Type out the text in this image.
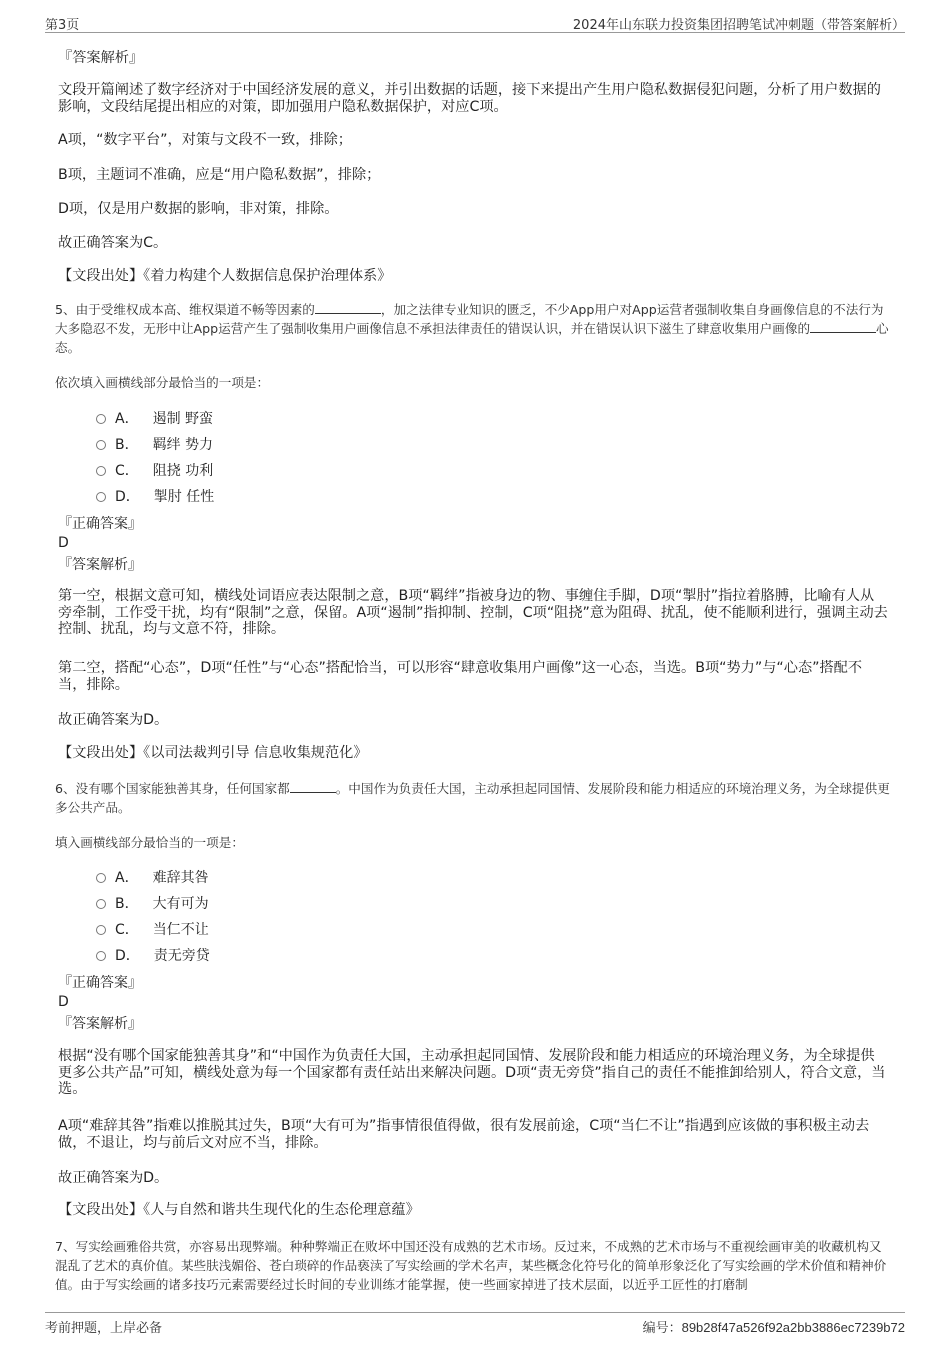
第3页	2024年山东联力投资集团招聘笔试冲刺题（带答案解析）
『答案解析』
文段开篇阐述了数字经济对于中国经济发展的意义，并引出数据的话题，接下来提出产生用户隐私数据侵犯问题，分析了用户数据的影响，文段结尾提出相应的对策，即加强用户隐私数据保护，对应C项。
A项，“数字平台”，对策与文段不一致，排除；
B项，主题词不准确，应是“用户隐私数据”，排除；
D项，仅是用户数据的影响，非对策，排除。
故正确答案为C。
【文段出处】《着力构建个人数据信息保护治理体系》
5、由于受维权成本高、维权渠道不畅等因素的	，加之法律专业知识的匮乏，不少App用户对App运营者强制收集自身画像信息的不法行为大多隐忍不发，无形中让App运营产生了强制收集用户画像信息不承担法律责任的错误认识，并在错误认识下滋生了肆意收集用户画像的	心态。
依次填入画横线部分最恰当的一项是：
A． 遏制 野蛮
B． 羁绊 势力
C． 阻挠 功利
D． 掣肘 任性
『正确答案』
D
『答案解析』
第一空，根据文意可知，横线处词语应表达限制之意，B项“羁绊”指被身边的物、事缠住手脚，D项“掣肘”指拉着胳膊，比喻有人从旁牵制，工作受干扰，均有“限制”之意，保留。A项“遏制”指抑制、控制，C项“阻挠”意为阻碍、扰乱，使不能顺利进行，强调主动去控制、扰乱，均与文意不符，排除。
第二空，搭配“心态”，D项“任性”与“心态”搭配恰当，可以形容“肆意收集用户画像”这一心态，当选。B项“势力”与“心态”搭配不当，排除。
故正确答案为D。
【文段出处】《以司法裁判引导 信息收集规范化》
6、没有哪个国家能独善其身，任何国家都	。中国作为负责任大国，主动承担起同国情、发展阶段和能力相适应的环境治理义务，为全球提供更多公共产品。
填入画横线部分最恰当的一项是：
A． 难辞其咎
B． 大有可为
C． 当仁不让
D． 责无旁贷
『正确答案』
D
『答案解析』
根据“没有哪个国家能独善其身”和“中国作为负责任大国，主动承担起同国情、发展阶段和能力相适应的环境治理义务，为全球提供更多公共产品”可知，横线处意为每一个国家都有责任站出来解决问题。D项“责无旁贷”指自己的责任不能推卸给别人，符合文意，当选。
A项“难辞其咎”指难以推脱其过失，B项“大有可为”指事情很值得做，很有发展前途，C项“当仁不让”指遇到应该做的事积极主动去做，不退让，均与前后文对应不当，排除。
故正确答案为D。
【文段出处】《人与自然和谐共生现代化的生态伦理意蕴》
7、写实绘画雅俗共赏，亦容易出现弊端。种种弊端正在败坏中国还没有成熟的艺术市场。反过来，不成熟的艺术市场与不重视绘画审美的收藏机构又混乱了艺术的真价值。某些肤浅媚俗、苍白琐碎的作品亵渎了写实绘画的学术名声，某些概念化符号化的简单形象泛化了写实绘画的学术价值和精神价值。由于写实绘画的诸多技巧元素需要经过长时间的专业训练才能掌握，使一些画家掉进了技术层面，以近乎工匠性的打磨制
考前押题，上岸必备	编号：89b28f47a526f92a2bb3886ec7239b72
